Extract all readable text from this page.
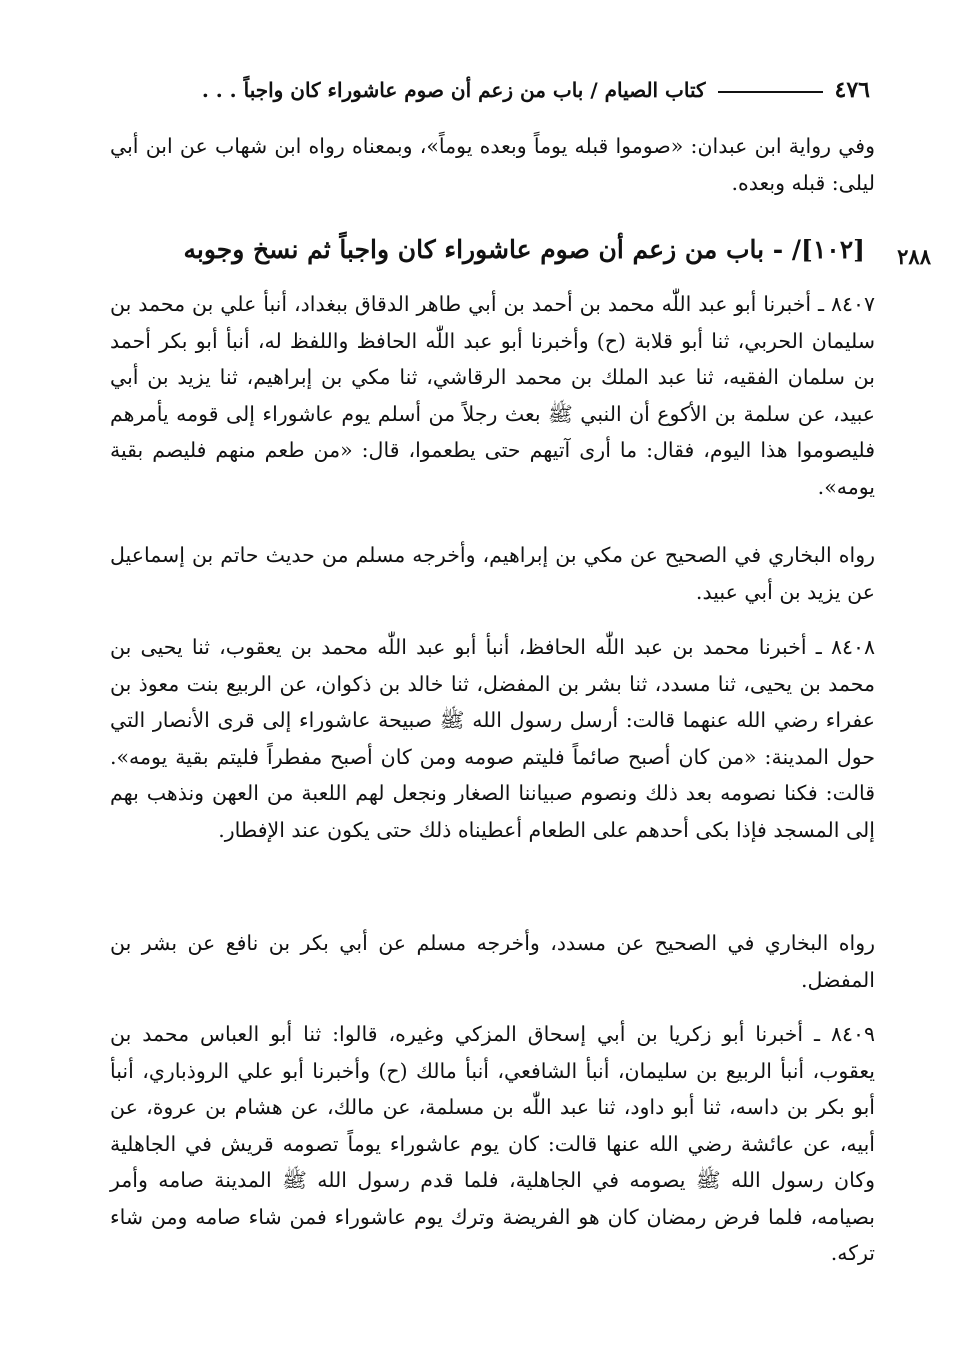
٤٧٦
كتاب الصيام / باب من زعم أن صوم عاشوراء كان واجباً . . .

وفي رواية ابن عبدان: «صوموا قبله يوماً وبعده يوماً»، وبمعناه رواه ابن شهاب عن ابن أبي ليلى: قبله وبعده.

٢٨٨
[١٠٢]/ - باب من زعم أن صوم عاشوراء كان واجباً ثم نسخ وجوبه

٨٤٠٧ ـ أخبرنا أبو عبد اللّٰه محمد بن أحمد بن أبي طاهر الدقاق ببغداد، أنبأ علي بن محمد بن سليمان الحربي، ثنا أبو قلابة (ح) وأخبرنا أبو عبد اللّٰه الحافظ واللفظ له، أنبأ أبو بكر أحمد بن سلمان الفقيه، ثنا عبد الملك بن محمد الرقاشي، ثنا مكي بن إبراهيم، ثنا يزيد بن أبي عبيد، عن سلمة بن الأكوع أن النبي ﷺ بعث رجلاً من أسلم يوم عاشوراء إلى قومه يأمرهم فليصوموا هذا اليوم، فقال: ما أرى آتيهم حتى يطعموا، قال: «من طعم منهم فليصم بقية يومه».

رواه البخاري في الصحيح عن مكي بن إبراهيم، وأخرجه مسلم من حديث حاتم بن إسماعيل عن يزيد بن أبي عبيد.

٨٤٠٨ ـ أخبرنا محمد بن عبد اللّٰه الحافظ، أنبأ أبو عبد اللّٰه محمد بن يعقوب، ثنا يحيى بن محمد بن يحيى، ثنا مسدد، ثنا بشر بن المفضل، ثنا خالد بن ذكوان، عن الربيع بنت معوذ بن عفراء رضي الله عنهما قالت: أرسل رسول الله ﷺ صبيحة عاشوراء إلى قرى الأنصار التي حول المدينة: «من كان أصبح صائماً فليتم صومه ومن كان أصبح مفطراً فليتم بقية يومه». قالت: فكنا نصومه بعد ذلك ونصوم صبياننا الصغار ونجعل لهم اللعبة من العهن ونذهب بهم إلى المسجد فإذا بكى أحدهم على الطعام أعطيناه ذلك حتى يكون عند الإفطار.

رواه البخاري في الصحيح عن مسدد، وأخرجه مسلم عن أبي بكر بن نافع عن بشر بن المفضل.

٨٤٠٩ ـ أخبرنا أبو زكريا بن أبي إسحاق المزكي وغيره، قالوا: ثنا أبو العباس محمد بن يعقوب، أنبأ الربيع بن سليمان، أنبأ الشافعي، أنبأ مالك (ح) وأخبرنا أبو علي الروذباري، أنبأ أبو بكر بن داسه، ثنا أبو داود، ثنا عبد اللّٰه بن مسلمة، عن مالك، عن هشام بن عروة، عن أبيه، عن عائشة رضي الله عنها قالت: كان يوم عاشوراء يوماً تصومه قريش في الجاهلية وكان رسول الله ﷺ يصومه في الجاهلية، فلما قدم رسول الله ﷺ المدينة صامه وأمر بصيامه، فلما فرض رمضان كان هو الفريضة وترك يوم عاشوراء فمن شاء صامه ومن شاء تركه.
